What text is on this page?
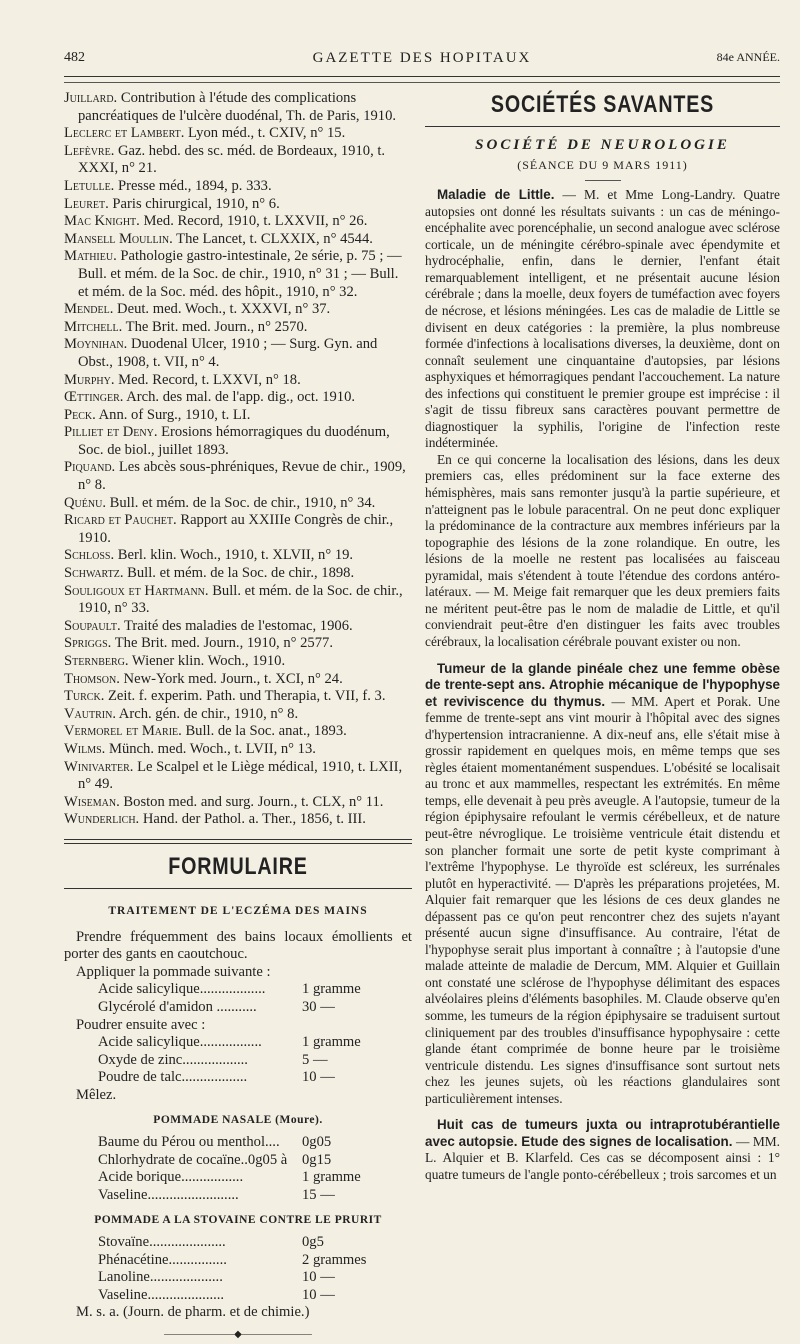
482	GAZETTE DES HOPITAUX	84e ANNÉE.
Juillard. Contribution à l'étude des complications pancréatiques de l'ulcère duodénal, Th. de Paris, 1910.
Leclerc et Lambert. Lyon méd., t. CXIV, n° 15.
Lefèvre. Gaz. hebd. des sc. méd. de Bordeaux, 1910, t. XXXI, n° 21.
Letulle. Presse méd., 1894, p. 333.
Leuret. Paris chirurgical, 1910, n° 6.
Mac Knight. Med. Record, 1910, t. LXXVII, n° 26.
Mansell Moullin. The Lancet, t. CLXXIX, n° 4544.
Mathieu. Pathologie gastro-intestinale, 2e série, p. 75 ; — Bull. et mém. de la Soc. de chir., 1910, n° 31 ; — Bull. et mém. de la Soc. méd. des hôpit., 1910, n° 32.
Mendel. Deut. med. Woch., t. XXXVI, n° 37.
Mitchell. The Brit. med. Journ., n° 2570.
Moynihan. Duodenal Ulcer, 1910 ; — Surg. Gyn. and Obst., 1908, t. VII, n° 4.
Murphy. Med. Record, t. LXXVI, n° 18.
Œttinger. Arch. des mal. de l'app. dig., oct. 1910.
Peck. Ann. of Surg., 1910, t. LI.
Pilliet et Deny. Erosions hémorragiques du duodénum, Soc. de biol., juillet 1893.
Piquand. Les abcès sous-phréniques, Revue de chir., 1909, n° 8.
Quénu. Bull. et mém. de la Soc. de chir., 1910, n° 34.
Ricard et Pauchet. Rapport au XXIIIe Congrès de chir., 1910.
Schloss. Berl. klin. Woch., 1910, t. XLVII, n° 19.
Schwartz. Bull. et mém. de la Soc. de chir., 1898.
Souligoux et Hartmann. Bull. et mém. de la Soc. de chir., 1910, n° 33.
Soupault. Traité des maladies de l'estomac, 1906.
Spriggs. The Brit. med. Journ., 1910, n° 2577.
Sternberg. Wiener klin. Woch., 1910.
Thomson. New-York med. Journ., t. XCI, n° 24.
Turck. Zeit. f. experim. Path. und Therapia, t. VII, f. 3.
Vautrin. Arch. gén. de chir., 1910, n° 8.
Vermorel et Marie. Bull. de la Soc. anat., 1893.
Wilms. Münch. med. Woch., t. LVII, n° 13.
Winivarter. Le Scalpel et le Liège médical, 1910, t. LXII, n° 49.
Wiseman. Boston med. and surg. Journ., t. CLX, n° 11.
Wunderlich. Hand. der Pathol. a. Ther., 1856, t. III.
FORMULAIRE
TRAITEMENT DE L'ECZÉMA DES MAINS

Prendre fréquemment des bains locaux émollients et porter des gants en caoutchouc.

Appliquer la pommade suivante :

Acide salicylique..................	1 gramme
Glycérolé d'amidon ...........	30 —

Poudrer ensuite avec :

Acide salicylique.................	1 gramme
Oxyde de zinc..................	5 —
Poudre de talc..................	10 —

Mêlez.

POMMADE NASALE (Moure).
Baume du Pérou ou menthol....	0g05
Chlorhydrate de cocaïne..0g05 à	0g15
Acide borique.................	1 gramme
Vaseline.........................	15 —
POMMADE A LA STOVAINE CONTRE LE PRURIT
Stovaïne.....................	0g5
Phénacétine................	2 grammes
Lanoline....................	10 —
Vaseline.....................	10 —

M. s. a. (Journ. de pharm. et de chimie.)

———————◆———————
SOCIÉTÉS SAVANTES
SOCIÉTÉ DE NEUROLOGIE
(SÉANCE DU 9 MARS 1911)

Maladie de Little. — M. et Mme Long-Landry. Quatre autopsies ont donné les résultats suivants : un cas de méningo-encéphalite avec porencéphalie, un second analogue avec sclérose corticale, un de méningite cérébro-spinale avec épendymite et hydrocéphalie, enfin, dans le dernier, l'enfant était remarquablement intelligent, et ne présentait aucune lésion cérébrale ; dans la moelle, deux foyers de tuméfaction avec foyers de nécrose, et lésions méningées. Les cas de maladie de Little se divisent en deux catégories : la première, la plus nombreuse formée d'infections à localisations diverses, la deuxième, dont on connaît seulement une cinquantaine d'autopsies, par lésions asphyxiques et hémorragiques pendant l'accouchement. La nature des infections qui constituent le premier groupe est imprécise : il s'agit de tissu fibreux sans caractères pouvant permettre de diagnostiquer la syphilis, l'origine de l'infection reste indéterminée.

En ce qui concerne la localisation des lésions, dans les deux premiers cas, elles prédominent sur la face externe des hémisphères, mais sans remonter jusqu'à la partie supérieure, et n'atteignent pas le lobule paracentral. On ne peut donc expliquer la prédominance de la contracture aux membres inférieurs par la topographie des lésions de la zone rolandique. En outre, les lésions de la moelle ne restent pas localisées au faisceau pyramidal, mais s'étendent à toute l'étendue des cordons antéro-latéraux. — M. Meige fait remarquer que les deux premiers faits ne méritent peut-être pas le nom de maladie de Little, et qu'il conviendrait peut-être d'en distinguer les faits avec troubles cérébraux, la localisation cérébrale pouvant exister ou non.

Tumeur de la glande pinéale chez une femme obèse de trente-sept ans. Atrophie mécanique de l'hypophyse et reviviscence du thymus. — MM. Apert et Porak. Une femme de trente-sept ans vint mourir à l'hôpital avec des signes d'hypertension intracranienne. A dix-neuf ans, elle s'était mise à grossir rapidement en quelques mois, en même temps que ses règles étaient momentanément suspendues. L'obésité se localisait au tronc et aux mammelles, respectant les extrémités. En même temps, elle devenait à peu près aveugle. A l'autopsie, tumeur de la région épiphysaire refoulant le vermis cérébelleux, et de nature peut-être névroglique. Le troisième ventricule était distendu et son plancher formait une sorte de petit kyste comprimant à l'extrême l'hypophyse. Le thyroïde est scléreux, les surrénales plutôt en hyperactivité. — D'après les préparations projetées, M. Alquier fait remarquer que les lésions de ces deux glandes ne dépassent pas ce qu'on peut rencontrer chez des sujets n'ayant présenté aucun signe d'insuffisance. Au contraire, l'état de l'hypophyse serait plus important à connaître ; à l'autopsie d'une malade atteinte de maladie de Dercum, MM. Alquier et Guillain ont constaté une sclérose de l'hypophyse délimitant des espaces alvéolaires pleins d'éléments basophiles. M. Claude observe qu'en somme, les tumeurs de la région épiphysaire se traduisent surtout cliniquement par des troubles d'insuffisance hypophysaire : cette glande étant comprimée de bonne heure par le troisième ventricule distendu. Les signes d'insuffisance sont surtout nets chez les jeunes sujets, où les réactions glandulaires sont particulièrement intenses.

Huit cas de tumeurs juxta ou intraprotubérantielle avec autopsie. Etude des signes de localisation. — MM. L. Alquier et B. Klarfeld. Ces cas se décomposent ainsi : 1° quatre tumeurs de l'angle ponto-cérébelleux ; trois sarcomes et un
